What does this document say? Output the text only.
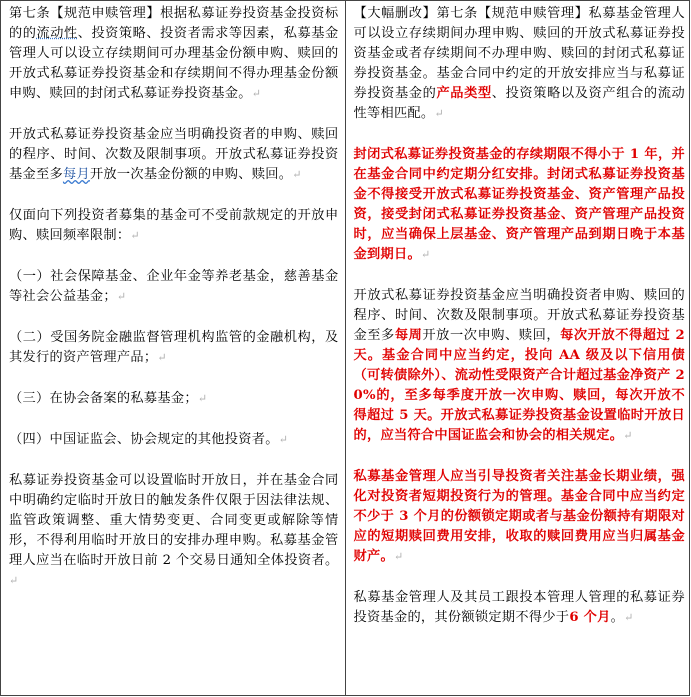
第七条【规范申赎管理】根据私募证券投资基金投资标的的流动性、投资策略、投资者需求等因素，私募基金管理人可以设立存续期间可办理基金份额申购、赎回的开放式私募证券投资基金和存续期间不得办理基金份额申购、赎回的封闭式私募证券投资基金。↵

开放式私募证券投资基金应当明确投资者的申购、赎回的程序、时间、次数及限制事项。开放式私募证券投资基金至多每月开放一次基金份额的申购、赎回。↵

仅面向下列投资者募集的基金可不受前款规定的开放申购、赎回频率限制：↵

（一）社会保障基金、企业年金等养老基金，慈善基金等社会公益基金；↵

（二）受国务院金融监督管理机构监管的金融机构，及其发行的资产管理产品；↵

（三）在协会备案的私募基金；↵

（四）中国证监会、协会规定的其他投资者。↵

私募证券投资基金可以设置临时开放日，并在基金合同中明确约定临时开放日的触发条件仅限于因法律法规、监管政策调整、重大情势变更、合同变更或解除等情形，不得利用临时开放日的安排办理申购。私募基金管理人应当在临时开放日前 2 个交易日通知全体投资者。↵

【大幅删改】第七条【规范申赎管理】私募基金管理人可以设立存续期间办理申购、赎回的开放式私募证券投资基金或者存续期间不办理申购、赎回的封闭式私募证券投资基金。基金合同中约定的开放安排应当与私募证券投资基金的产品类型、投资策略以及资产组合的流动性等相匹配。↵

封闭式私募证券投资基金的存续期限不得小于 1 年，并在基金合同中约定期分红安排。封闭式私募证券投资基金不得接受开放式私募证券投资基金、资产管理产品投资，接受封闭式私募证券投资基金、资产管理产品投资时，应当确保上层基金、资产管理产品到期日晚于本基金到期日。↵

开放式私募证券投资基金应当明确投资者申购、赎回的程序、时间、次数及限制事项。开放式私募证券投资基金至多每周开放一次申购、赎回，每次开放不得超过 2 天。基金合同中应当约定，投向 AA 级及以下信用债（可转债除外）、流动性受限资产合计超过基金净资产 20%的，至多每季度开放一次申购、赎回，每次开放不得超过 5 天。开放式私募证券投资基金设置临时开放日的，应当符合中国证监会和协会的相关规定。↵

私募基金管理人应当引导投资者关注基金长期业绩，强化对投资者短期投资行为的管理。基金合同中应当约定不少于 3 个月的份额锁定期或者与基金份额持有期限对应的短期赎回费用安排，收取的赎回费用应当归属基金财产。↵

私募基金管理人及其员工跟投本管理人管理的私募证券投资基金的，其份额锁定期不得少于6 个月。↵
